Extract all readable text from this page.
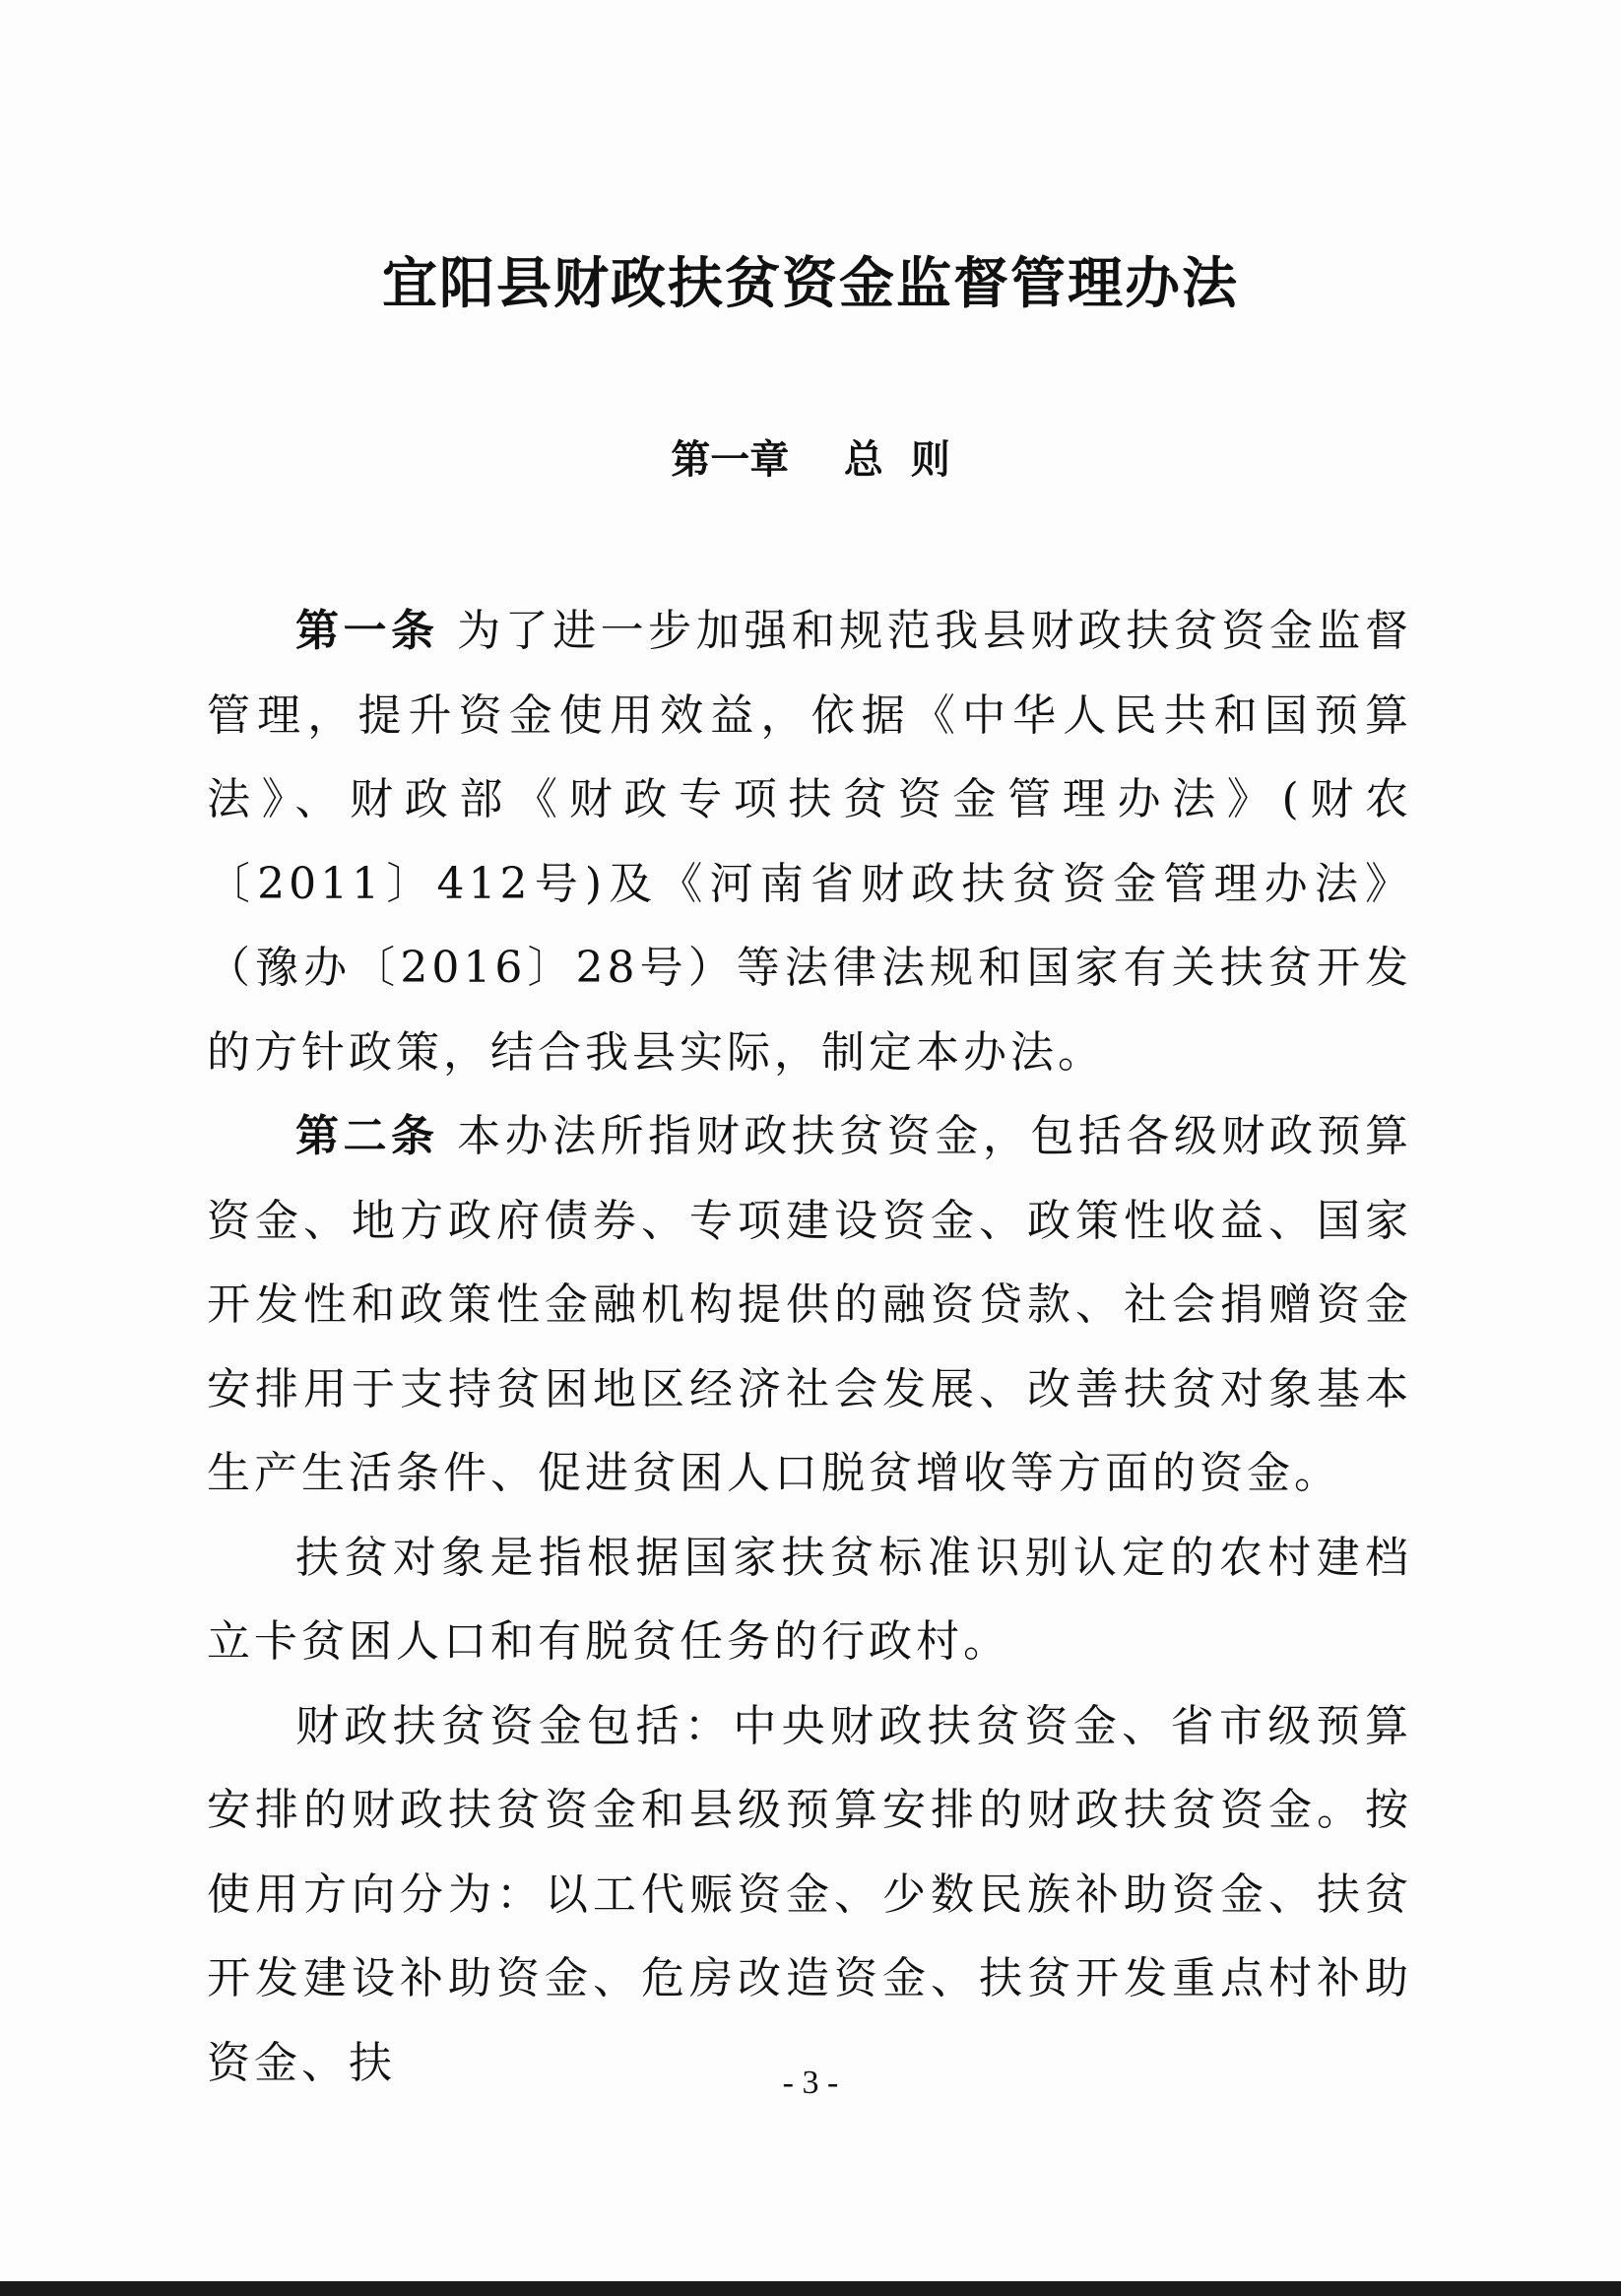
宜阳县财政扶贫资金监督管理办法
第一章    总  则

第一条 为了进一步加强和规范我县财政扶贫资金监督管理，提升资金使用效益，依据《中华人民共和国预算法》、财政部《财政专项扶贫资金管理办法》(财农〔2011〕412号)及《河南省财政扶贫资金管理办法》（豫办〔2016〕28号）等法律法规和国家有关扶贫开发的方针政策，结合我县实际，制定本办法。

第二条 本办法所指财政扶贫资金，包括各级财政预算资金、地方政府债券、专项建设资金、政策性收益、国家开发性和政策性金融机构提供的融资贷款、社会捐赠资金安排用于支持贫困地区经济社会发展、改善扶贫对象基本生产生活条件、促进贫困人口脱贫增收等方面的资金。

扶贫对象是指根据国家扶贫标准识别认定的农村建档立卡贫困人口和有脱贫任务的行政村。

财政扶贫资金包括：中央财政扶贫资金、省市级预算安排的财政扶贫资金和县级预算安排的财政扶贫资金。按使用方向分为：以工代赈资金、少数民族补助资金、扶贫开发建设补助资金、危房改造资金、扶贫开发重点村补助资金、扶	- 3 -
